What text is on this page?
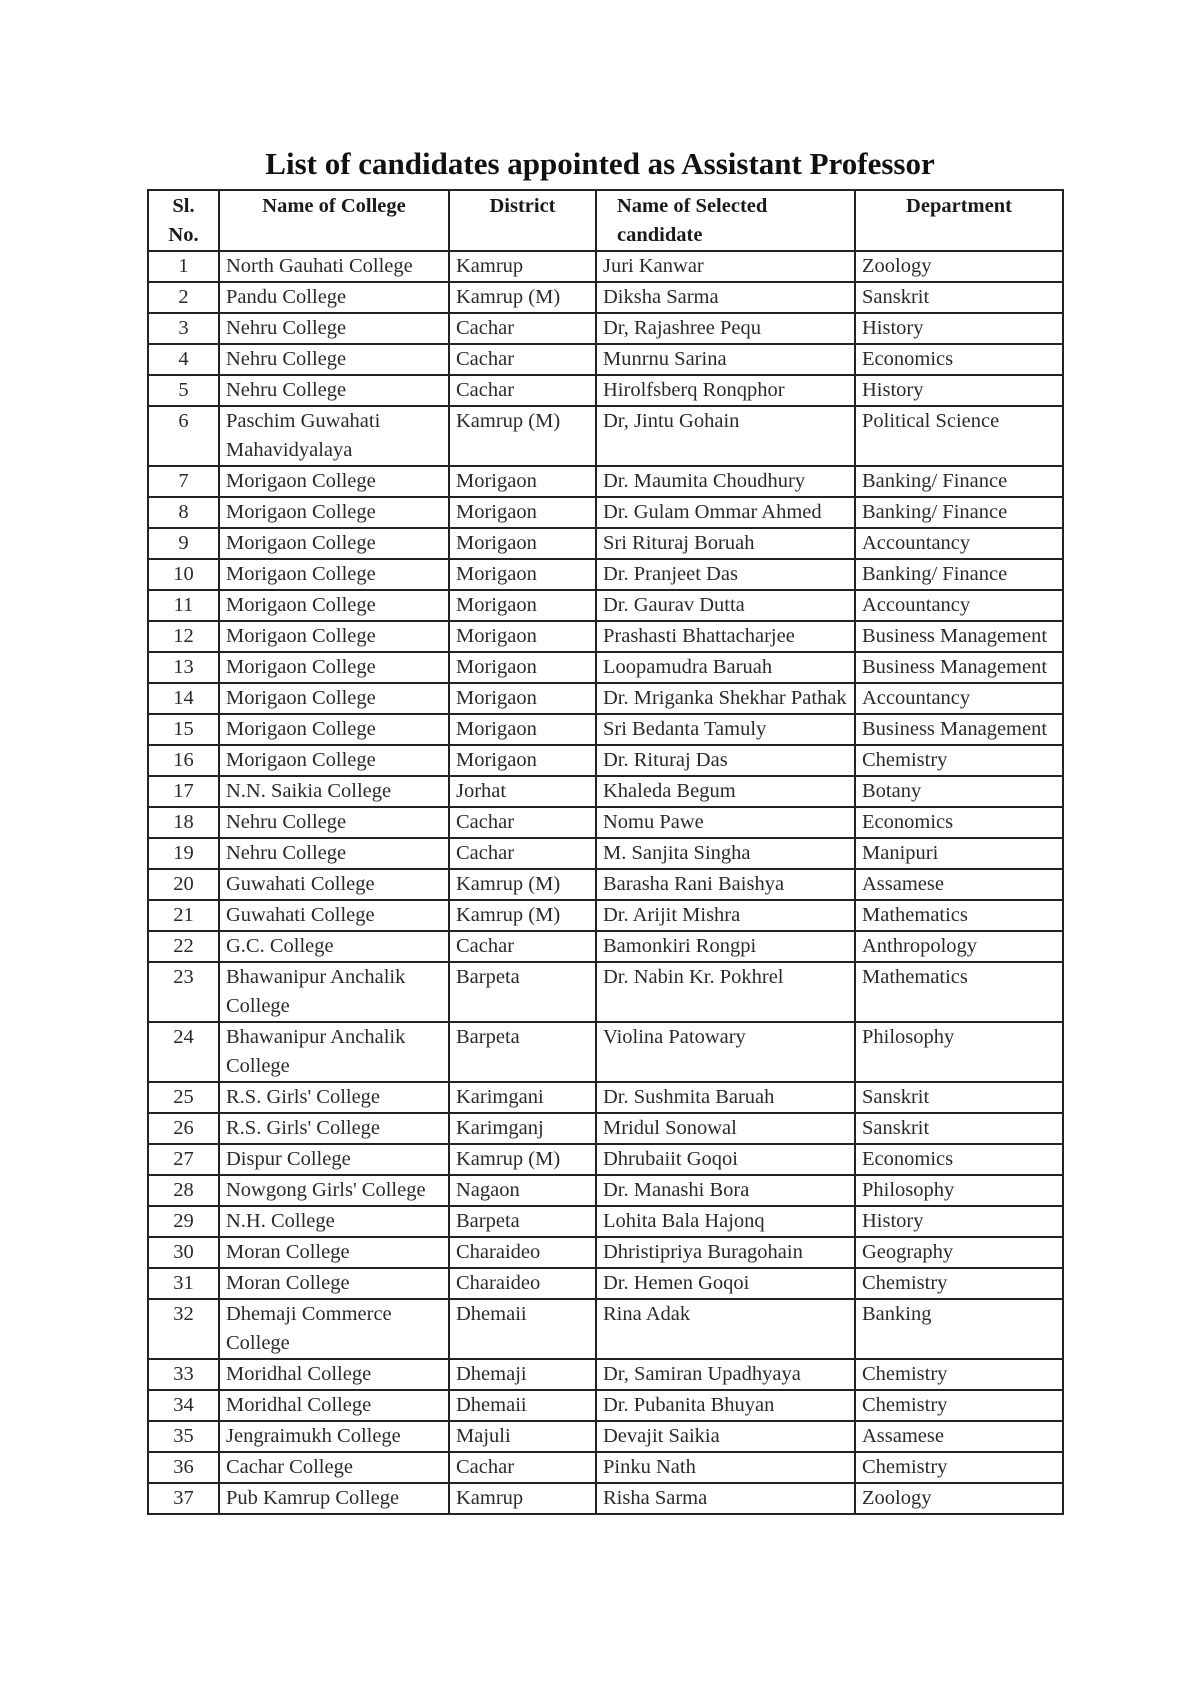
List of candidates appointed as Assistant Professor
Sl. No.	Name of College	District	Name of Selected candidate	Department
1	North Gauhati College	Kamrup	Juri Kanwar	Zoology
2	Pandu College	Kamrup (M)	Diksha Sarma	Sanskrit
3	Nehru College	Cachar	Dr, Rajashree Pequ	History
4	Nehru College	Cachar	Munrnu Sarina	Economics
5	Nehru College	Cachar	Hirolfsberq Ronqphor	History
6	Paschim Guwahati Mahavidyalaya	Kamrup (M)	Dr, Jintu Gohain	Political Science
7	Morigaon College	Morigaon	Dr. Maumita Choudhury	Banking/ Finance
8	Morigaon College	Morigaon	Dr. Gulam Ommar Ahmed	Banking/ Finance
9	Morigaon College	Morigaon	Sri Rituraj Boruah	Accountancy
10	Morigaon College	Morigaon	Dr. Pranjeet Das	Banking/ Finance
11	Morigaon College	Morigaon	Dr. Gaurav Dutta	Accountancy
12	Morigaon College	Morigaon	Prashasti Bhattacharjee	Business Management
13	Morigaon College	Morigaon	Loopamudra Baruah	Business Management
14	Morigaon College	Morigaon	Dr. Mriganka Shekhar Pathak	Accountancy
15	Morigaon College	Morigaon	Sri Bedanta Tamuly	Business Management
16	Morigaon College	Morigaon	Dr. Rituraj Das	Chemistry
17	N.N. Saikia College	Jorhat	Khaleda Begum	Botany
18	Nehru College	Cachar	Nomu Pawe	Economics
19	Nehru College	Cachar	M. Sanjita Singha	Manipuri
20	Guwahati College	Kamrup (M)	Barasha Rani Baishya	Assamese
21	Guwahati College	Kamrup (M)	Dr. Arijit Mishra	Mathematics
22	G.C. College	Cachar	Bamonkiri Rongpi	Anthropology
23	Bhawanipur Anchalik College	Barpeta	Dr. Nabin Kr. Pokhrel	Mathematics
24	Bhawanipur Anchalik College	Barpeta	Violina Patowary	Philosophy
25	R.S. Girls' College	Karimgani	Dr. Sushmita Baruah	Sanskrit
26	R.S. Girls' College	Karimganj	Mridul Sonowal	Sanskrit
27	Dispur College	Kamrup (M)	Dhrubaiit Goqoi	Economics
28	Nowgong Girls' College	Nagaon	Dr. Manashi Bora	Philosophy
29	N.H. College	Barpeta	Lohita Bala Hajonq	History
30	Moran College	Charaideo	Dhristipriya Buragohain	Geography
31	Moran College	Charaideo	Dr. Hemen Goqoi	Chemistry
32	Dhemaji Commerce College	Dhemaii	Rina Adak	Banking
33	Moridhal College	Dhemaji	Dr, Samiran Upadhyaya	Chemistry
34	Moridhal College	Dhemaii	Dr. Pubanita Bhuyan	Chemistry
35	Jengraimukh College	Majuli	Devajit Saikia	Assamese
36	Cachar College	Cachar	Pinku Nath	Chemistry
37	Pub Kamrup College	Kamrup	Risha Sarma	Zoology
